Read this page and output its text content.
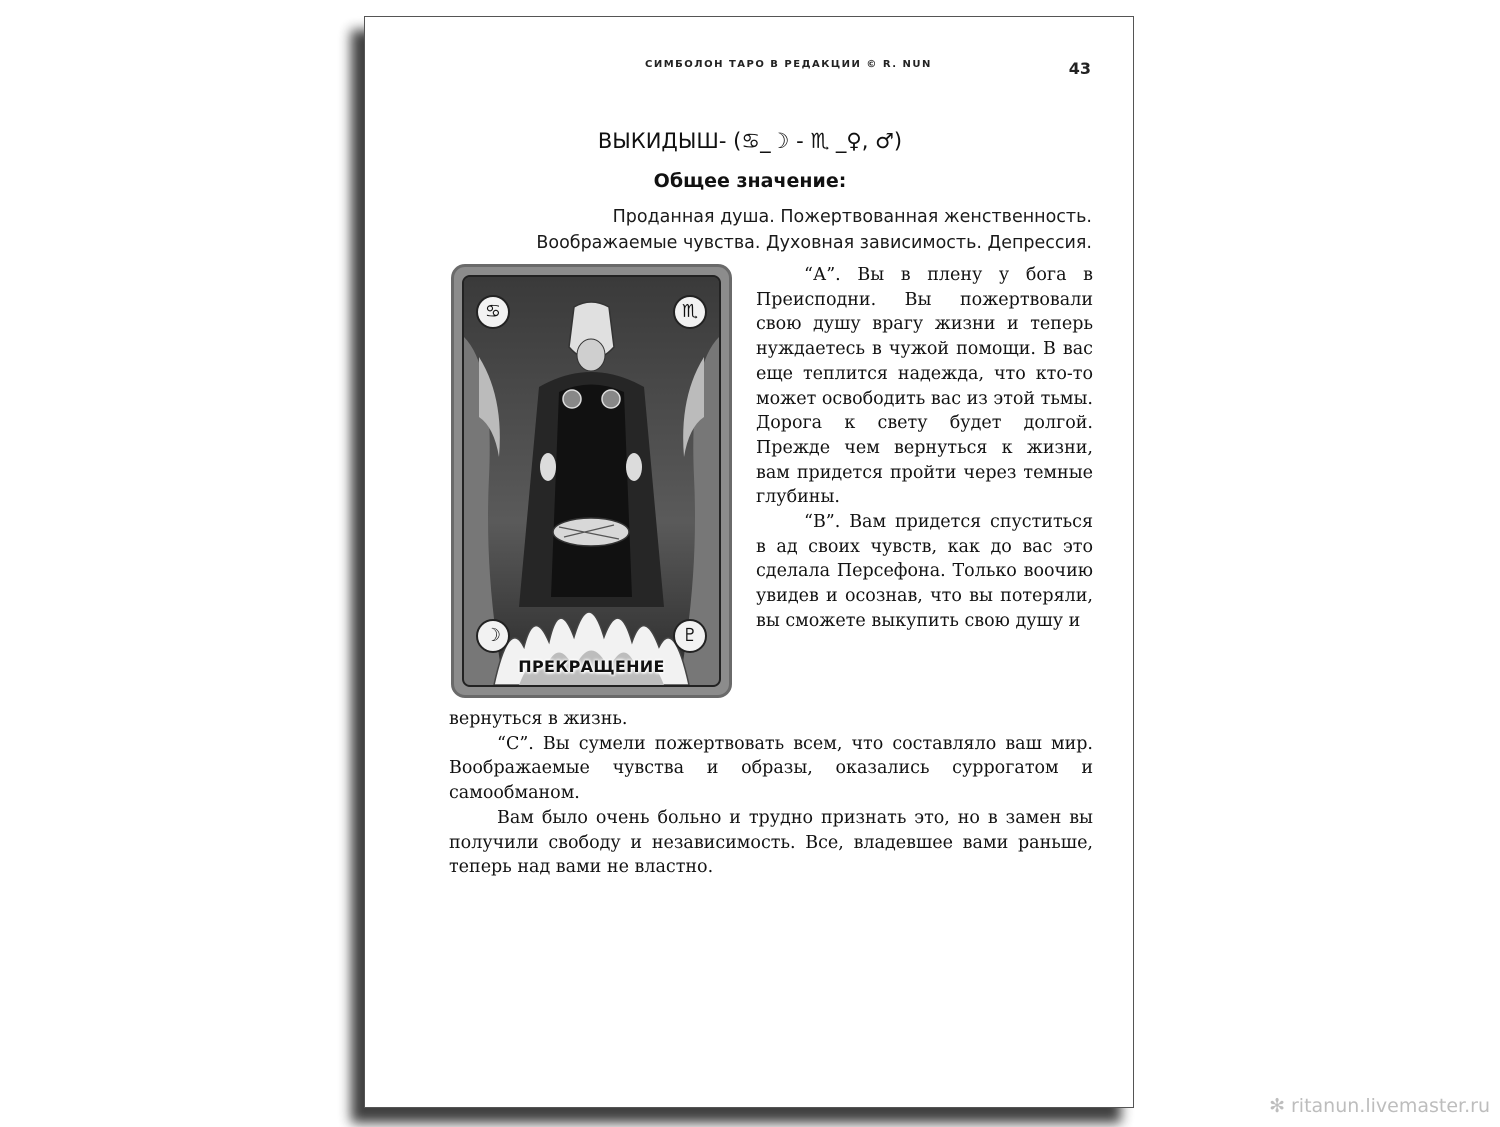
СИМБОЛОН ТАРО В РЕДАКЦИИ © R. NUN	43
ВЫКИДЫШ- (♋_☽ - ♏ _♀, ♂)
Общее значение:
Проданная душа. Пожертвованная женственность.
Воображаемые чувства. Духовная зависимость. Депрессия.
♋	♏
☽	♇
ПРЕКРАЩЕНИЕ

“А”. Вы в плену у бога в Преисподни. Вы пожертвовали свою душу врагу жизни и теперь нуждаетесь в чужой помощи. В вас еще теплится надежда, что кто-то может освободить вас из этой тьмы. Дорога к свету будет долгой. Прежде чем вернуться к жизни, вам придется пройти через темные глубины.

“В”. Вам придется спуститься в ад своих чувств, как до вас это сделала Персефона. Только воочию увидев и осознав, что вы потеряли, вы сможете выкупить свою душу и

вернуться в жизнь.

“С”. Вы сумели пожертвовать всем, что составляло ваш мир. Воображаемые чувства и образы, оказались суррогатом и самообманом.

Вам было очень больно и трудно признать это, но в замен вы получили свободу и независимость. Все, владевшее вами раньше, теперь над вами не властно.

✻ ritanun.livemaster.ru
